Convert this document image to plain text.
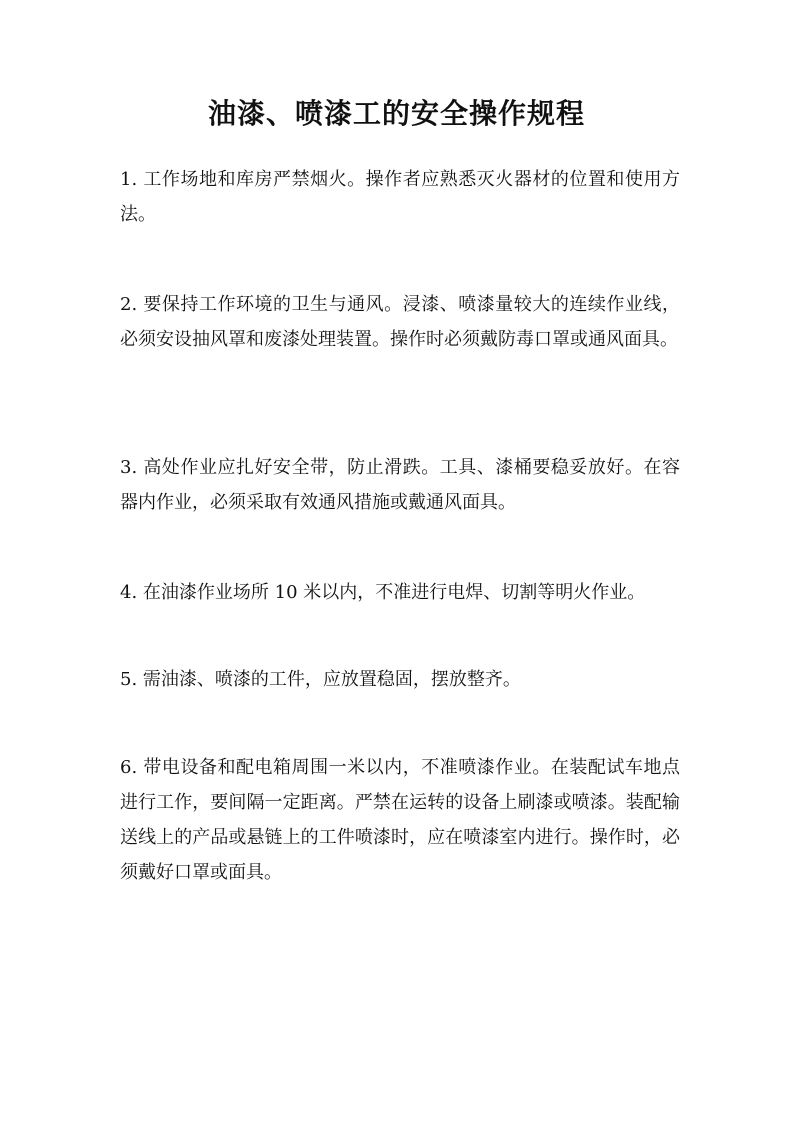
油漆、喷漆工的安全操作规程
1. 工作场地和库房严禁烟火。操作者应熟悉灭火器材的位置和使用方法。
2. 要保持工作环境的卫生与通风。浸漆、喷漆量较大的连续作业线，必须安设抽风罩和废漆处理装置。操作时必须戴防毒口罩或通风面具。
3. 高处作业应扎好安全带，防止滑跌。工具、漆桶要稳妥放好。在容器内作业，必须采取有效通风措施或戴通风面具。
4. 在油漆作业场所 10 米以内，不准进行电焊、切割等明火作业。
5. 需油漆、喷漆的工件，应放置稳固，摆放整齐。
6. 带电设备和配电箱周围一米以内，不准喷漆作业。在装配试车地点进行工作，要间隔一定距离。严禁在运转的设备上刷漆或喷漆。装配输送线上的产品或悬链上的工件喷漆时，应在喷漆室内进行。操作时，必须戴好口罩或面具。
